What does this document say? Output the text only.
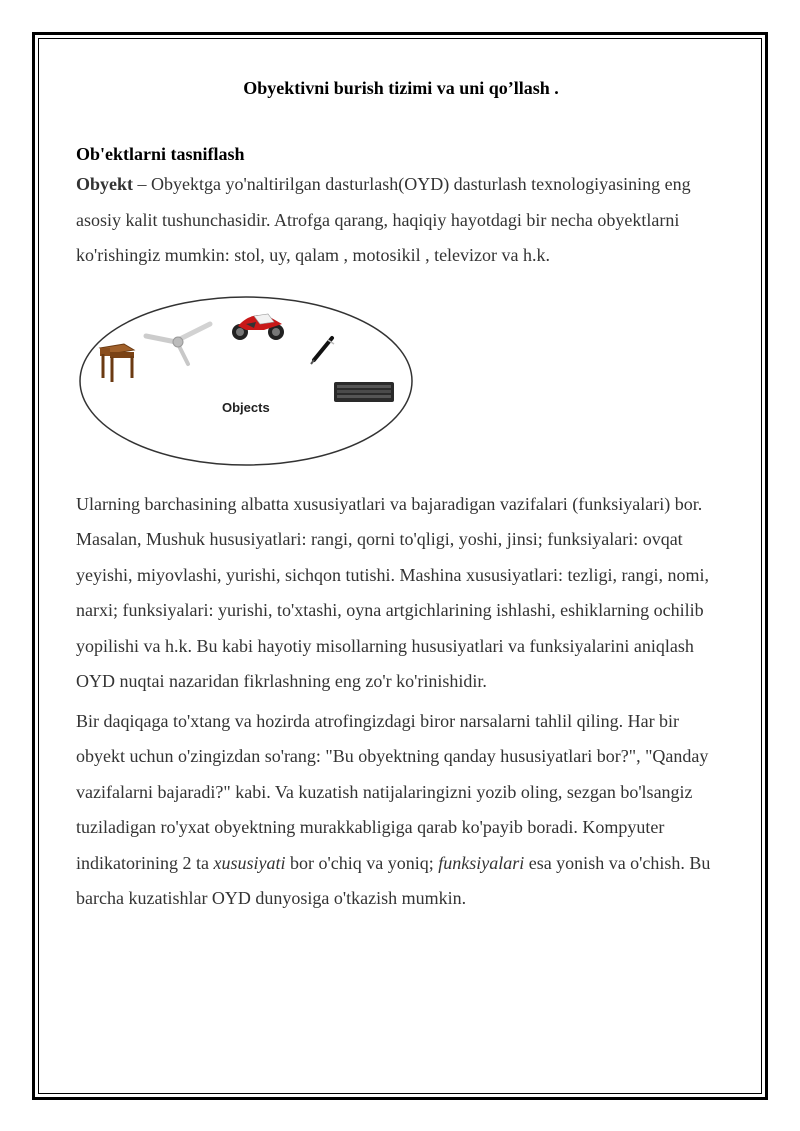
Obyektivni burish tizimi va uni qo’llash .
Ob'ektlarni tasniflash

Obyekt – Obyektga yo'naltirilgan dasturlash(OYD) dasturlash texnologiyasining eng asosiy kalit tushunchasidir. Atrofga qarang, haqiqiy hayotdagi bir necha obyektlarni ko'rishingiz mumkin: stol, uy, qalam , motosikil , televizor va h.k.

Objects

Ularning barchasining albatta xususiyatlari va bajaradigan vazifalari (funksiyalari) bor. Masalan, Mushuk hususiyatlari: rangi, qorni to'qligi, yoshi, jinsi; funksiyalari: ovqat yeyishi, miyovlashi, yurishi, sichqon tutishi. Mashina xususiyatlari: tezligi, rangi, nomi, narxi; funksiyalari: yurishi, to'xtashi, oyna artgichlarining ishlashi, eshiklarning ochilib yopilishi va h.k. Bu kabi hayotiy misollarning hususiyatlari va funksiyalarini aniqlash OYD nuqtai nazaridan fikrlashning eng zo'r ko'rinishidir.

Bir daqiqaga to'xtang va hozirda atrofingizdagi biror narsalarni tahlil qiling. Har bir obyekt uchun o'zingizdan so'rang: "Bu obyektning qanday hususiyatlari bor?", "Qanday vazifalarni bajaradi?" kabi. Va kuzatish natijalaringizni yozib oling, sezgan bo'lsangiz tuziladigan ro'yxat obyektning murakkabligiga qarab ko'payib boradi. Kompyuter indikatorining 2 ta xususiyati bor o'chiq va yoniq; funksiyalari esa yonish va o'chish. Bu barcha kuzatishlar OYD dunyosiga o'tkazish mumkin.
